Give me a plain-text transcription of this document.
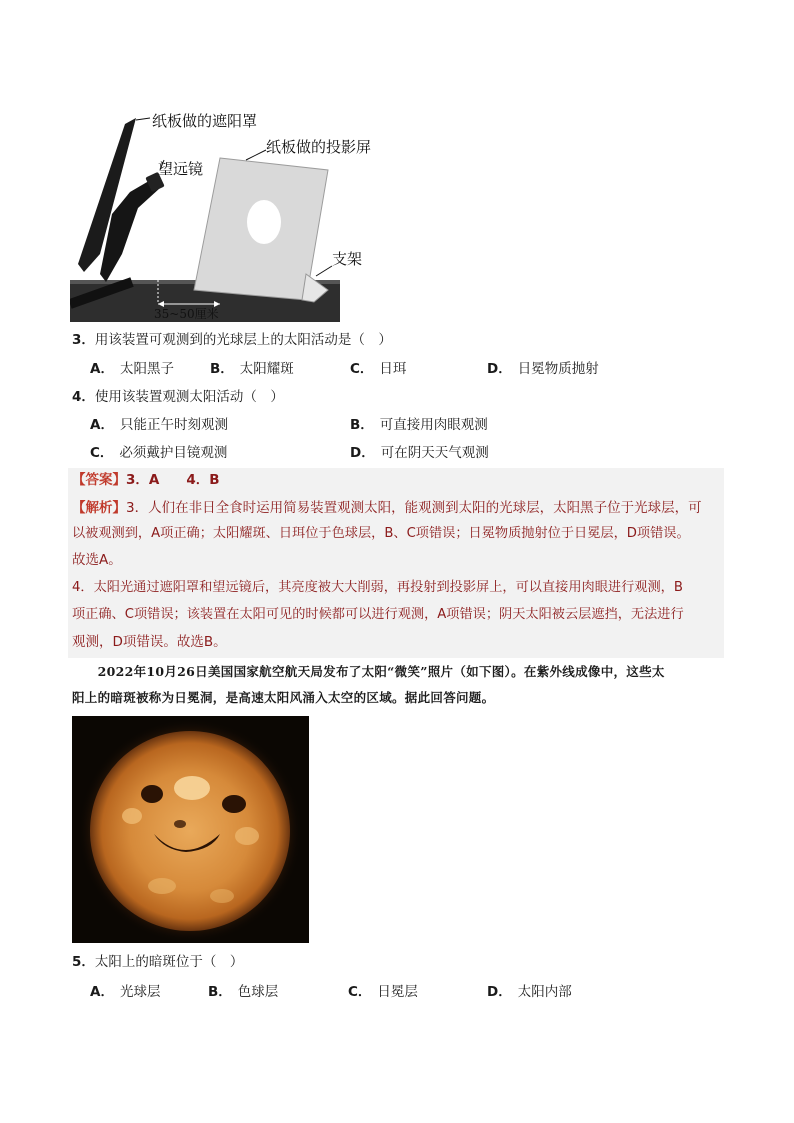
纸板做的遮阳罩
望远镜
纸板做的投影屏
支架
35~50厘米
3．用该装置可观测到的光球层上的太阳活动是（　）
A． 太阳黑子	B． 太阳耀斑	C． 日珥	D． 日冕物质抛射
4．使用该装置观测太阳活动（　）
A． 只能正午时刻观测	B． 可直接用肉眼观测
C． 必须戴护目镜观测	D． 可在阴天天气观测
【答案】3．A　　4．B
【解析】3．人们在非日全食时运用简易装置观测太阳，能观测到太阳的光球层，太阳黑子位于光球层，可
以被观测到，A项正确；太阳耀斑、日珥位于色球层，B、C项错误；日冕物质抛射位于日冕层，D项错误。
故选A。
4．太阳光通过遮阳罩和望远镜后，其亮度被大大削弱，再投射到投影屏上，可以直接用肉眼进行观测，B
项正确、C项错误；该装置在太阳可见的时候都可以进行观测，A项错误；阴天太阳被云层遮挡，无法进行
观测，D项错误。故选B。
　　2022年10月26日美国国家航空航天局发布了太阳“微笑”照片（如下图）。在紫外线成像中，这些太
阳上的暗斑被称为日冕洞，是高速太阳风涌入太空的区域。据此回答问题。
5．太阳上的暗斑位于（　）
A． 光球层	B． 色球层	C． 日冕层	D． 太阳内部
